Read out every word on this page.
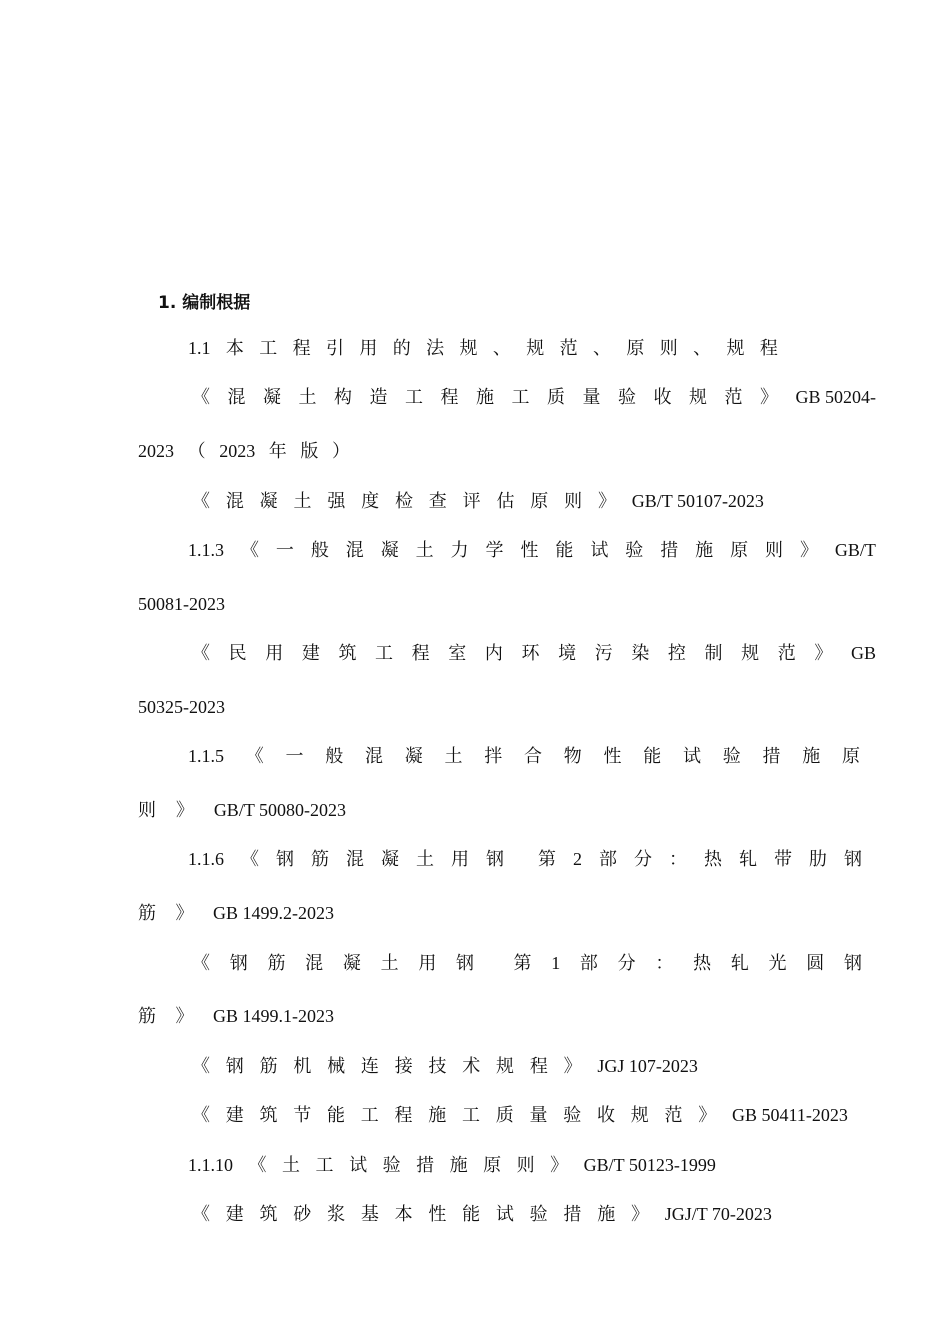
1. 编制根据
1.1 本 工 程 引 用 的 法 规 、 规 范 、 原 则 、 规 程
《 混 凝 土 构 造 工 程 施 工 质 量 验 收 规 范 》 GB 50204-
2023 （ 2023 年 版 ）
《 混 凝 土 强 度 检 查 评 估 原 则 》 GB/T 50107-2023
1.1.3 《 一 般 混 凝 土 力 学 性 能 试 验 措 施 原 则 》 GB/T
50081-2023
《 民 用 建 筑 工 程 室 内 环 境 污 染 控 制 规 范 》 GB
50325-2023
1.1.5 《 一 般 混 凝 土 拌 合 物 性 能 试 验 措 施 原
则 》 GB/T 50080-2023
1.1.6 《 钢 筋 混 凝 土 用 钢 第 2 部 分 ： 热 轧 带 肋 钢
筋 》 GB 1499.2-2023
《 钢 筋 混 凝 土 用 钢 第 1 部 分 ： 热 轧 光 圆 钢
筋 》 GB 1499.1-2023
《 钢 筋 机 械 连 接 技 术 规 程 》 JGJ 107-2023
《 建 筑 节 能 工 程 施 工 质 量 验 收 规 范 》 GB 50411-2023
1.1.10 《 土 工 试 验 措 施 原 则 》 GB/T 50123-1999
《 建 筑 砂 浆 基 本 性 能 试 验 措 施 》 JGJ/T 70-2023
